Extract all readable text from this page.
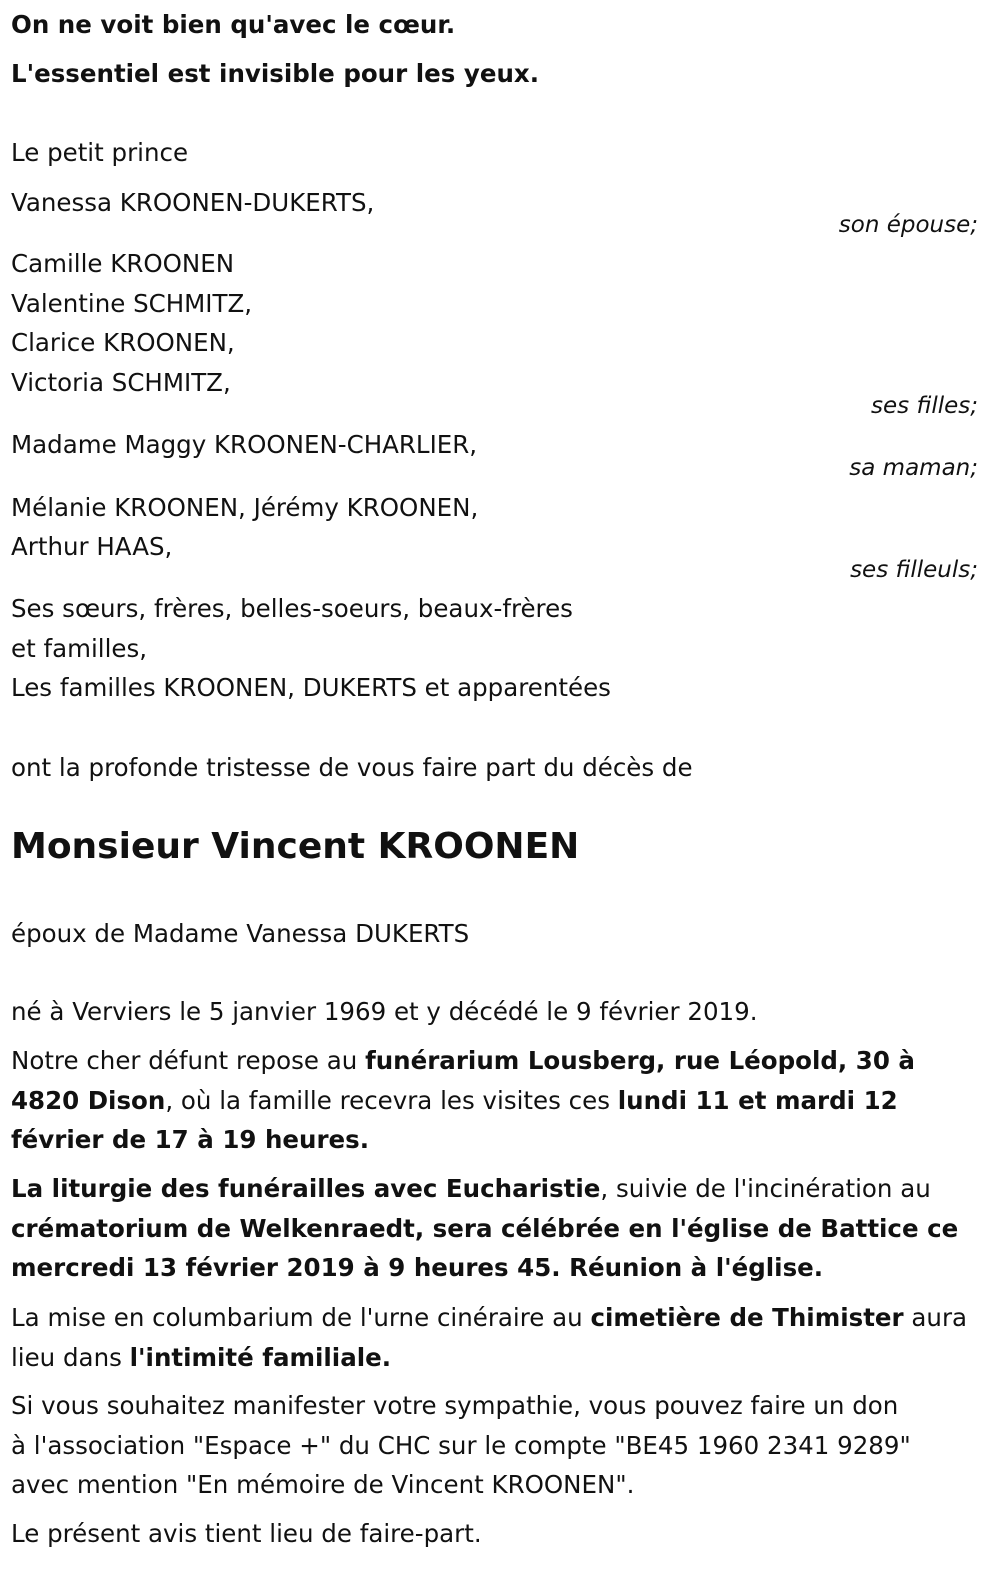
On ne voit bien qu'avec le cœur.
L'essentiel est invisible pour les yeux.
Le petit prince
Vanessa KROONEN-DUKERTS,
son épouse;
Camille KROONEN
Valentine SCHMITZ,
Clarice KROONEN,
Victoria SCHMITZ,
ses filles;
Madame Maggy KROONEN-CHARLIER,
sa maman;
Mélanie KROONEN, Jérémy KROONEN,
Arthur HAAS,
ses filleuls;
Ses sœurs, frères, belles-soeurs, beaux-frères
et familles,
Les familles KROONEN, DUKERTS et apparentées
ont la profonde tristesse de vous faire part du décès de
Monsieur Vincent KROONEN
époux de Madame Vanessa DUKERTS
né à Verviers le 5 janvier 1969 et y décédé le 9 février 2019.
Notre cher défunt repose au funérarium Lousberg, rue Léopold, 30 à 4820 Dison, où la famille recevra les visites ces lundi 11 et mardi 12 février de 17 à 19 heures.
La liturgie des funérailles avec Eucharistie, suivie de l'incinération au crématorium de Welkenraedt, sera célébrée en l'église de Battice ce mercredi 13 février 2019 à 9 heures 45. Réunion à l'église.
La mise en columbarium de l'urne cinéraire au cimetière de Thimister aura lieu dans l'intimité familiale.
Si vous souhaitez manifester votre sympathie, vous pouvez faire un don
à l'association "Espace +" du CHC sur le compte "BE45 1960 2341 9289"
avec mention "En mémoire de Vincent KROONEN".
Le présent avis tient lieu de faire-part.
